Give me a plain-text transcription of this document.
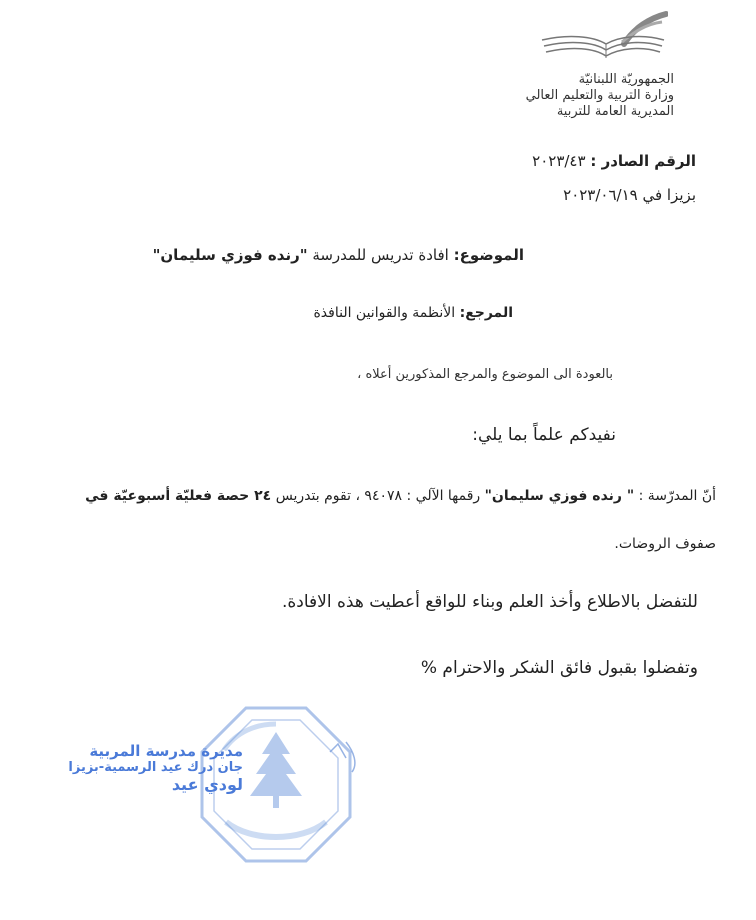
الجمهوريّة اللبنانيّة
وزارة التربية والتعليم العالي
المديرية العامة للتربية
الرقم الصادر : ٢٠٢٣/٤٣
بزيزا في ٢٠٢٣/٠٦/١٩
الموضوع: افادة تدريس للمدرسة "رنده فوزي سليمان"
المرجع: الأنظمة والقوانين النافذة
بالعودة الى الموضوع والمرجع المذكورين أعلاه ،
نفيدكم علماً بما يلي:
أنّ المدرّسة : " رنده فوزي سليمان" رقمها الآلي : ٩٤٠٧٨ ، تقوم بتدريس ٢٤ حصة فعليّة أسبوعيّة في
صفوف الروضات.
للتفضل بالاطلاع وأخذ العلم وبناء للواقع أعطيت هذه الافادة.
وتفضلوا بقبول فائق الشكر والاحترام %
مديرة مدرسة المربية
جان درك عيد الرسمية-بزيزا
لودي عيد
